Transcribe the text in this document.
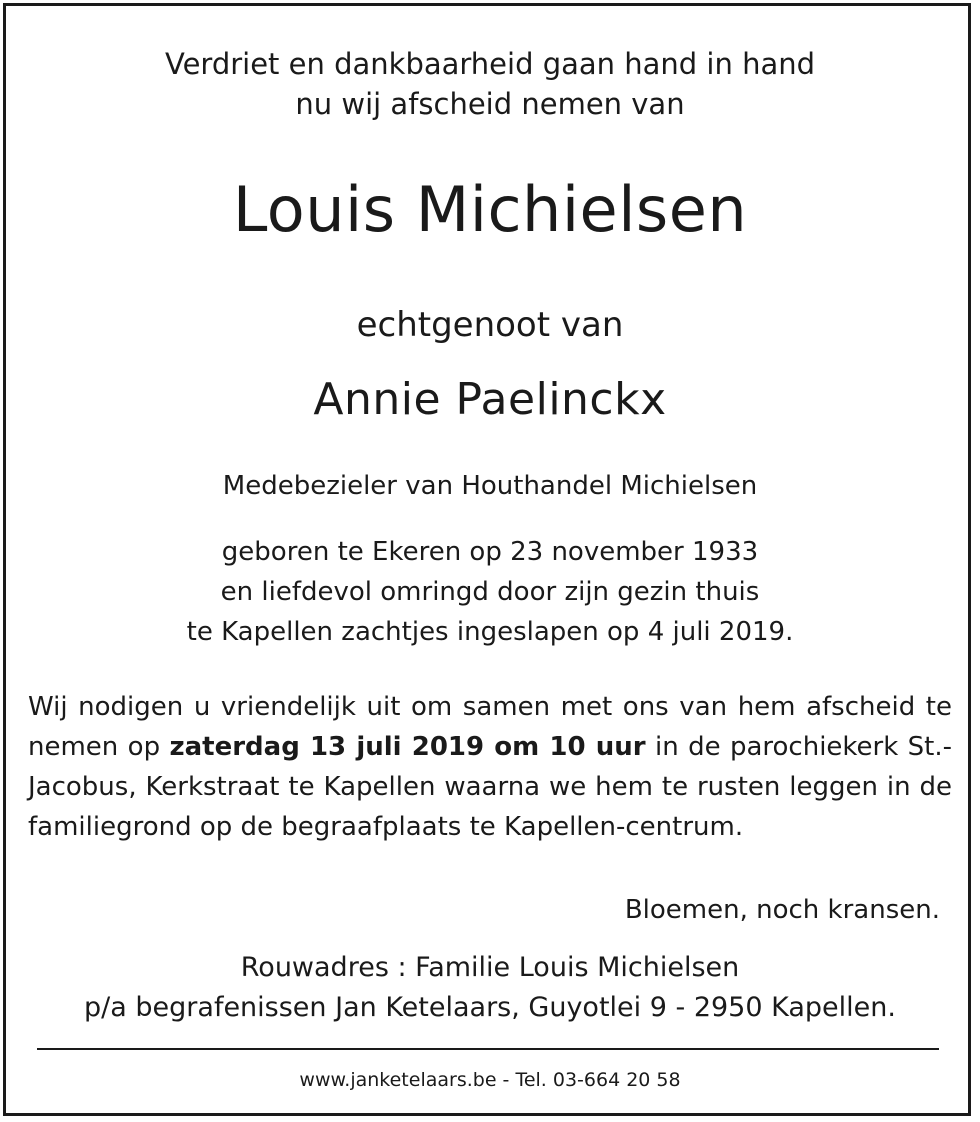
Verdriet en dankbaarheid gaan hand in hand
nu wij afscheid nemen van
Louis Michielsen
echtgenoot van
Annie Paelinckx
Medebezieler van Houthandel Michielsen
geboren te Ekeren op 23 november 1933
en liefdevol omringd door zijn gezin thuis
te Kapellen zachtjes ingeslapen op 4 juli 2019.
Wij nodigen u vriendelijk uit om samen met ons van hem afscheid te nemen op zaterdag 13 juli 2019 om 10 uur in de parochiekerk St.-Jacobus, Kerkstraat te Kapellen waarna we hem te rusten leggen in de familiegrond op de begraafplaats te Kapellen-centrum.
Bloemen, noch kransen.
Rouwadres : Familie Louis Michielsen
p/a begrafenissen Jan Ketelaars, Guyotlei 9 - 2950 Kapellen.
www.janketelaars.be - Tel. 03-664 20 58
